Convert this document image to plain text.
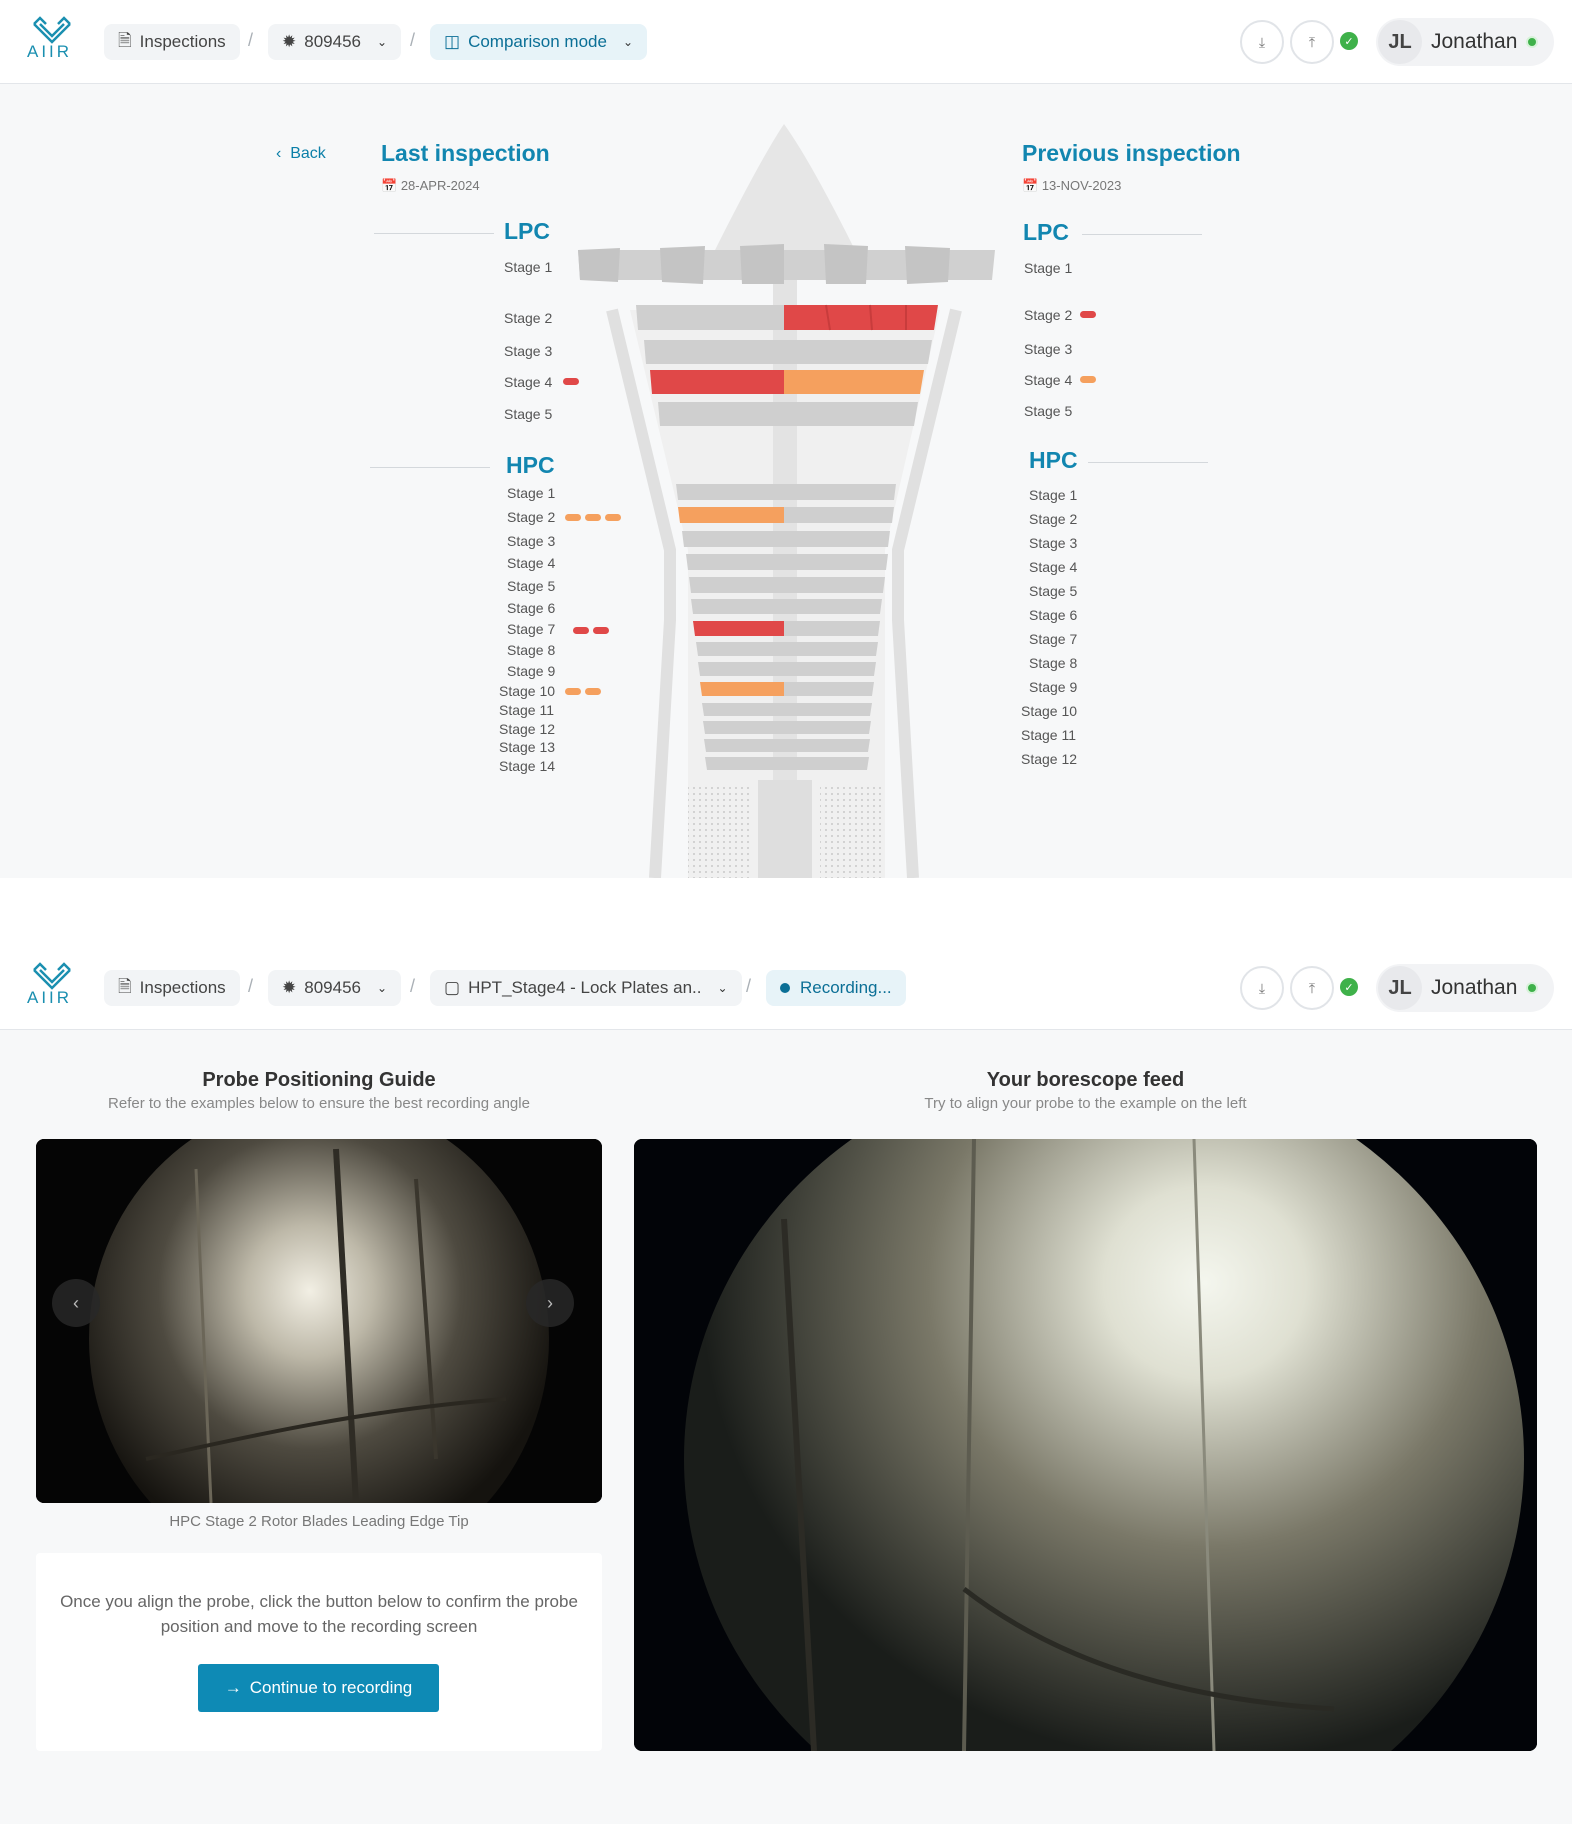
AIIR
🗎 Inspections / ✹ 809456 ⌄ / ◫ Comparison mode ⌄	⤓	⤒	✓	JL Jonathan
‹  Back Last inspection
📅 28-APR-2024
LPC
Stage 1
Stage 2
Stage 3
Stage 4
Stage 5
HPC
Stage 1
Stage 2
Stage 3
Stage 4
Stage 5
Stage 6
Stage 7
Stage 8
Stage 9
Stage 10
Stage 11
Stage 12
Stage 13
Stage 14
Previous inspection
📅 13-NOV-2023
LPC
Stage 1
Stage 2
Stage 3
Stage 4
Stage 5
HPC
Stage 1
Stage 2
Stage 3
Stage 4
Stage 5
Stage 6
Stage 7
Stage 8
Stage 9
Stage 10
Stage 11
Stage 12
AIIR
🗎 Inspections / ✹ 809456 ⌄ / ▢ HPT_Stage4 - Lock Plates an.. ⌄ /	Recording...	⤓	⤒	✓	JL Jonathan
Probe Positioning Guide
Refer to the examples below to ensure the best recording angle
Your borescope feed
Try to align your probe to the example on the left
‹	›
HPC Stage 2 Rotor Blades Leading Edge Tip
Once you align the probe, click the button below to confirm the probe position and move to the recording screen
→ Continue to recording
